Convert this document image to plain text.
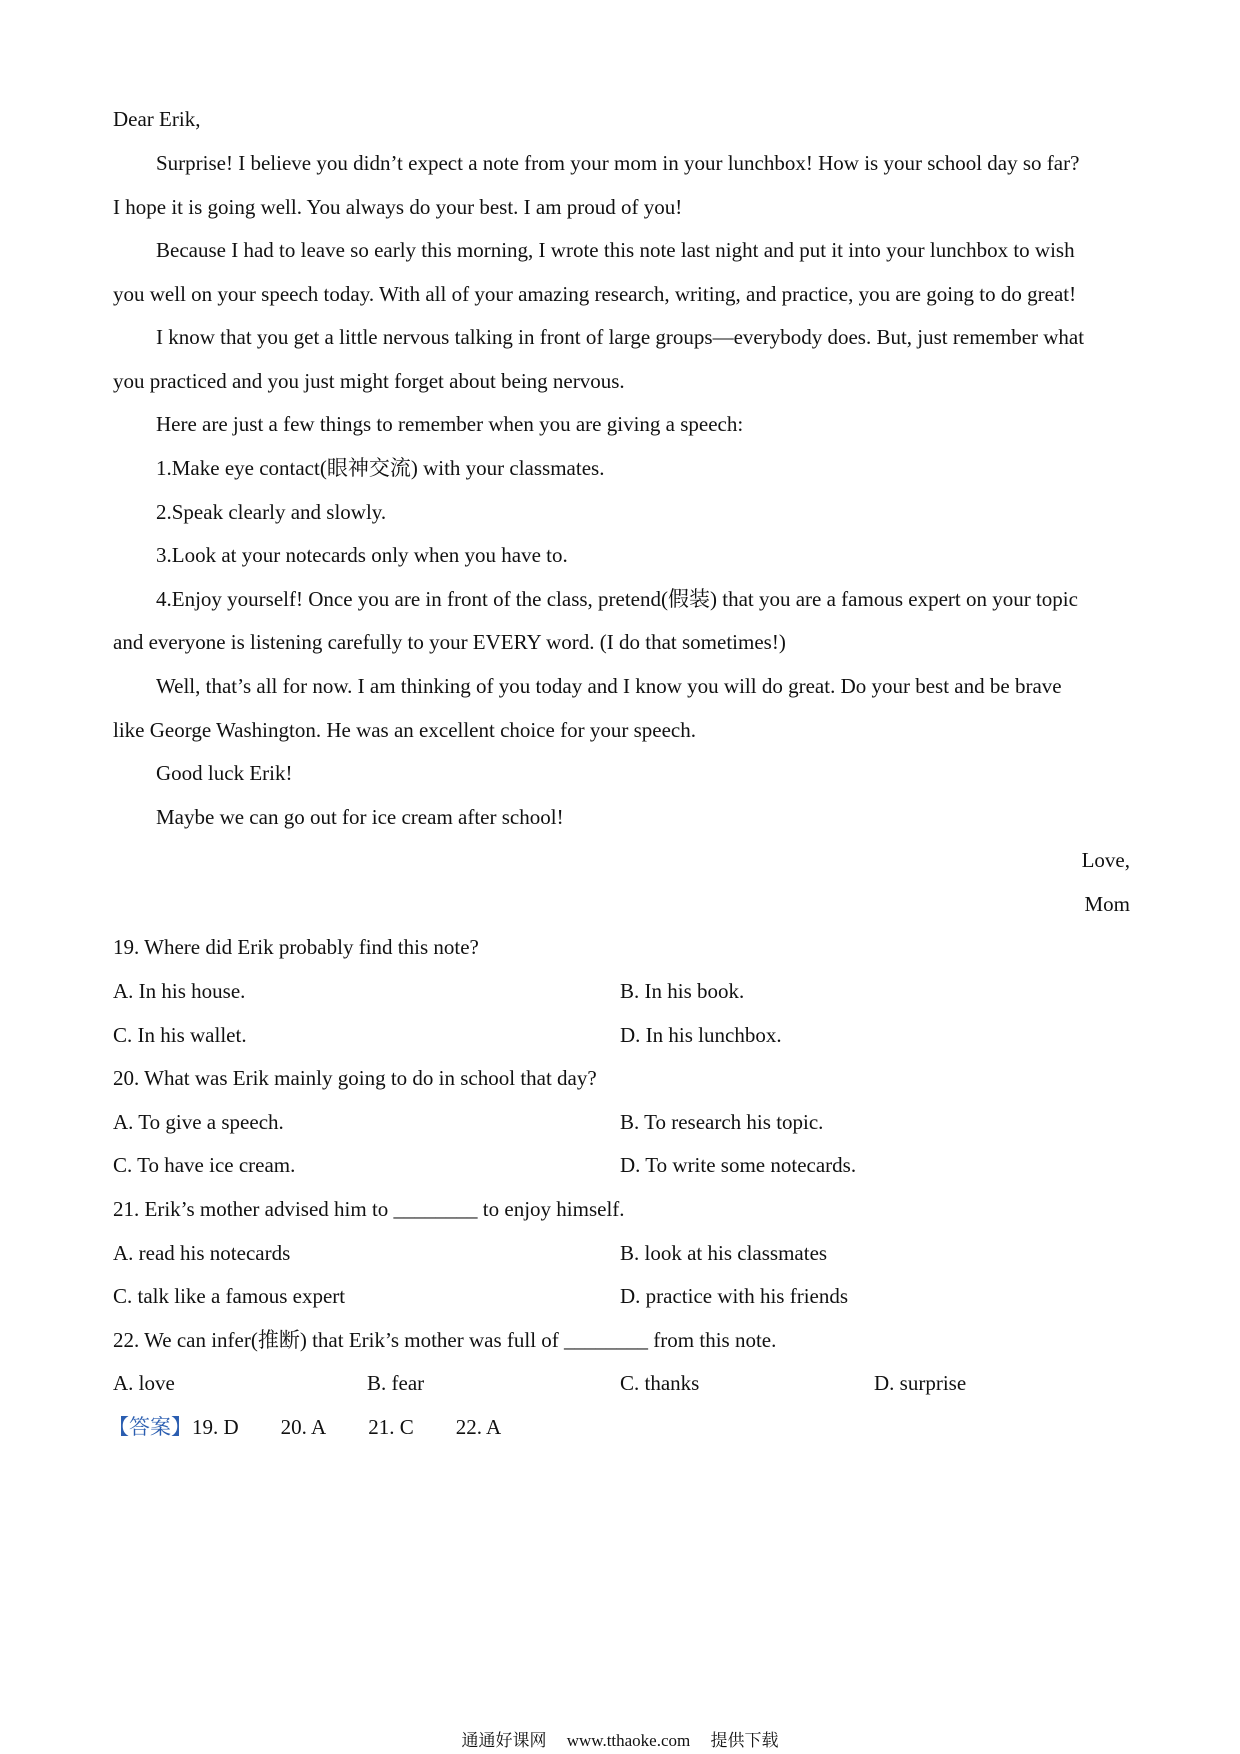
Dear Erik,
Surprise! I believe you didn’t expect a note from your mom in your lunchbox! How is your school day so far?
I hope it is going well. You always do your best. I am proud of you!
Because I had to leave so early this morning, I wrote this note last night and put it into your lunchbox to wish
you well on your speech today. With all of your amazing research, writing, and practice, you are going to do great!
I know that you get a little nervous talking in front of large groups—everybody does. But, just remember what
you practiced and you just might forget about being nervous.
Here are just a few things to remember when you are giving a speech:
1.Make eye contact(眼神交流) with your classmates.
2.Speak clearly and slowly.
3.Look at your notecards only when you have to.
4.Enjoy yourself! Once you are in front of the class, pretend(假装) that you are a famous expert on your topic
and everyone is listening carefully to your EVERY word. (I do that sometimes!)
Well, that’s all for now. I am thinking of you today and I know you will do great. Do your best and be brave
like George Washington. He was an excellent choice for your speech.
Good luck Erik!
Maybe we can go out for ice cream after school!
Love,
Mom
19. Where did Erik probably find this note?
A. In his house.	B. In his book.
C. In his wallet.	D. In his lunchbox.
20. What was Erik mainly going to do in school that day?
A. To give a speech.	B. To research his topic.
C. To have ice cream.	D. To write some notecards.
21. Erik’s mother advised him to ________ to enjoy himself.
A. read his notecards	B. look at his classmates
C. talk like a famous expert	D. practice with his friends
22. We can infer(推断) that Erik’s mother was full of ________ from this note.
A. love	B. fear	C. thanks	D. surprise
【答案】19. D 20. A 21. C 22. A
通通好课网 www.tthaoke.com 提供下载
